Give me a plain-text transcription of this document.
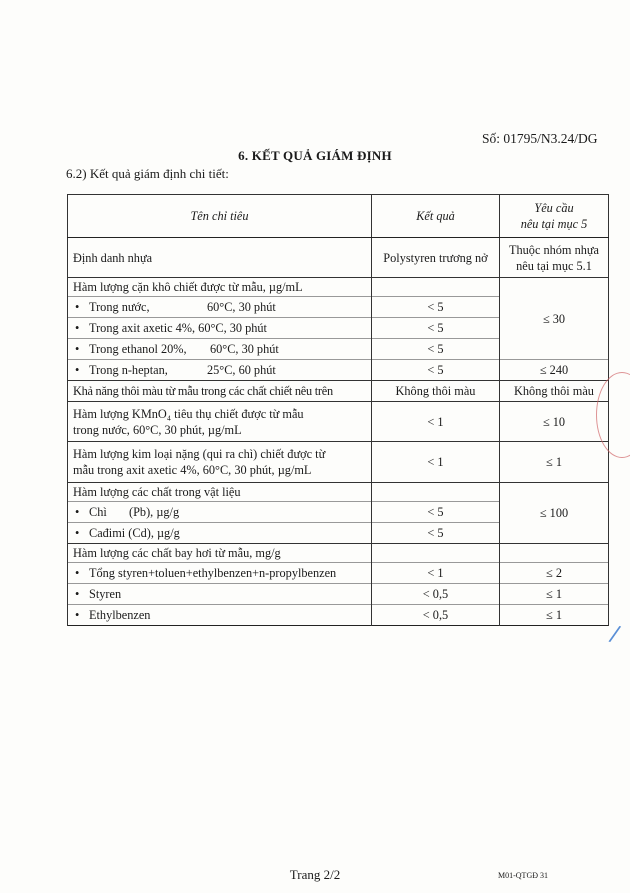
Số: 01795/N3.24/DG
6. KẾT QUẢ GIÁM ĐỊNH
6.2) Kết quả giám định chi tiết:
Tên chỉ tiêu	Kết quả	Yêu cầu
nêu tại mục 5

Định danh nhựa	Polystyren trương nở	Thuộc nhóm nhựa
nêu tại mục 5.1

Hàm lượng cặn khô chiết được từ mẫu, µg/mL		≤ 30
• Trong nước, 60°C, 30 phút	< 5	
• Trong axit axetic 4%, 60°C, 30 phút	< 5	
• Trong ethanol 20%, 60°C, 30 phút	< 5	
• Trong n-heptan, 25°C, 60 phút	< 5	≤ 240
Khả năng thôi màu từ mẫu trong các chất chiết nêu trên	Không thôi màu	Không thôi màu

Hàm lượng KMnO₄ tiêu thụ chiết được từ mẫu
trong nước, 60°C, 30 phút, µg/mL	< 1	≤ 10

Hàm lượng kim loại nặng (qui ra chì) chiết được từ
mẫu trong axit axetic 4%, 60°C, 30 phút, µg/mL	< 1	≤ 1
Hàm lượng các chất trong vật liệu		≤ 100
• Chì (Pb), µg/g	< 5	
• Cađimi (Cd), µg/g	< 5	
Hàm lượng các chất bay hơi từ mẫu, mg/g		
• Tổng styren+toluen+ethylbenzen+n-propylbenzen	< 1	≤ 2
• Styren	< 0,5	≤ 1
• Ethylbenzen	< 0,5	≤ 1
/
Trang 2/2	M01-QTGĐ 31
